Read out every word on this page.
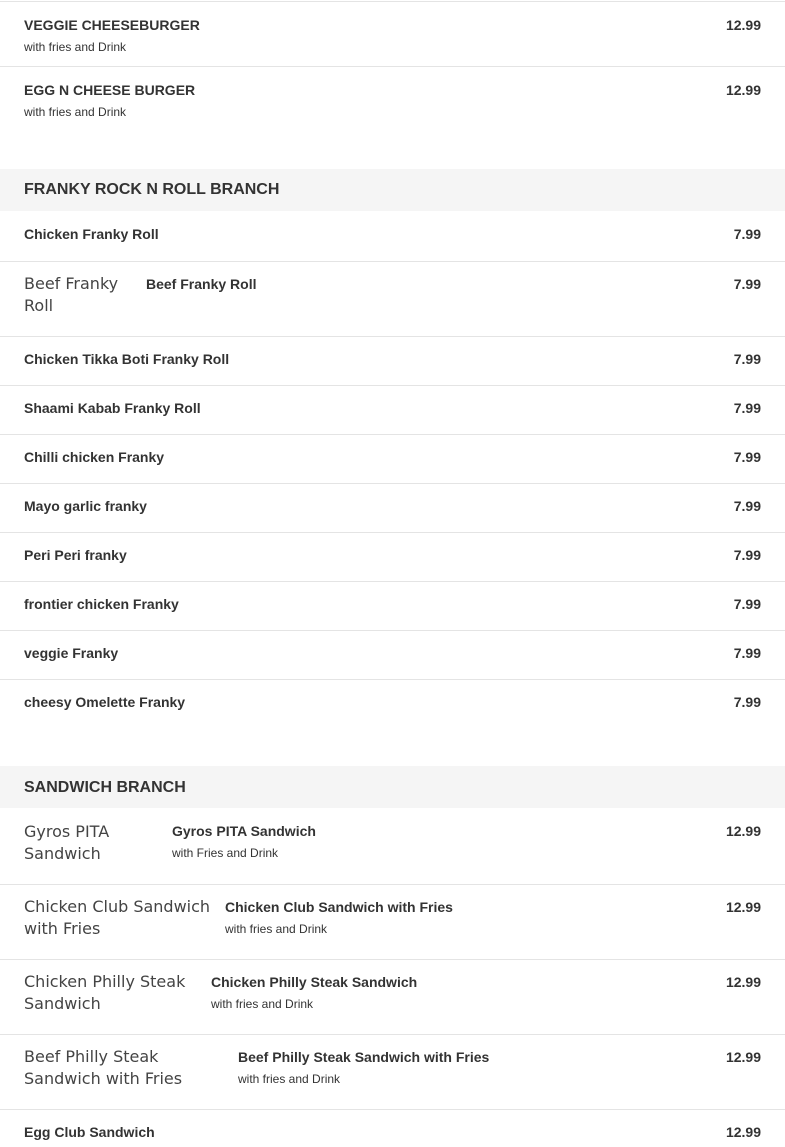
VEGGIE CHEESEBURGER
with fries and Drink
12.99
EGG N CHEESE BURGER
with fries and Drink
12.99
FRANKY ROCK N ROLL BRANCH
Chicken Franky Roll	7.99
Beef Franky Roll
Beef Franky Roll	7.99
Chicken Tikka Boti Franky Roll	7.99
Shaami Kabab Franky Roll	7.99
Chilli chicken Franky	7.99
Mayo garlic franky	7.99
Peri Peri franky	7.99
frontier chicken Franky	7.99
veggie Franky	7.99
cheesy Omelette Franky	7.99
SANDWICH BRANCH
Gyros PITA Sandwich
Gyros PITA Sandwich
with Fries and Drink
12.99
Chicken Club Sandwich with Fries
Chicken Club Sandwich with Fries
with fries and Drink
12.99
Chicken Philly Steak Sandwich
Chicken Philly Steak Sandwich
with fries and Drink
12.99
Beef Philly Steak Sandwich with Fries
Beef Philly Steak Sandwich with Fries
with fries and Drink
12.99
Egg Club Sandwich	12.99
